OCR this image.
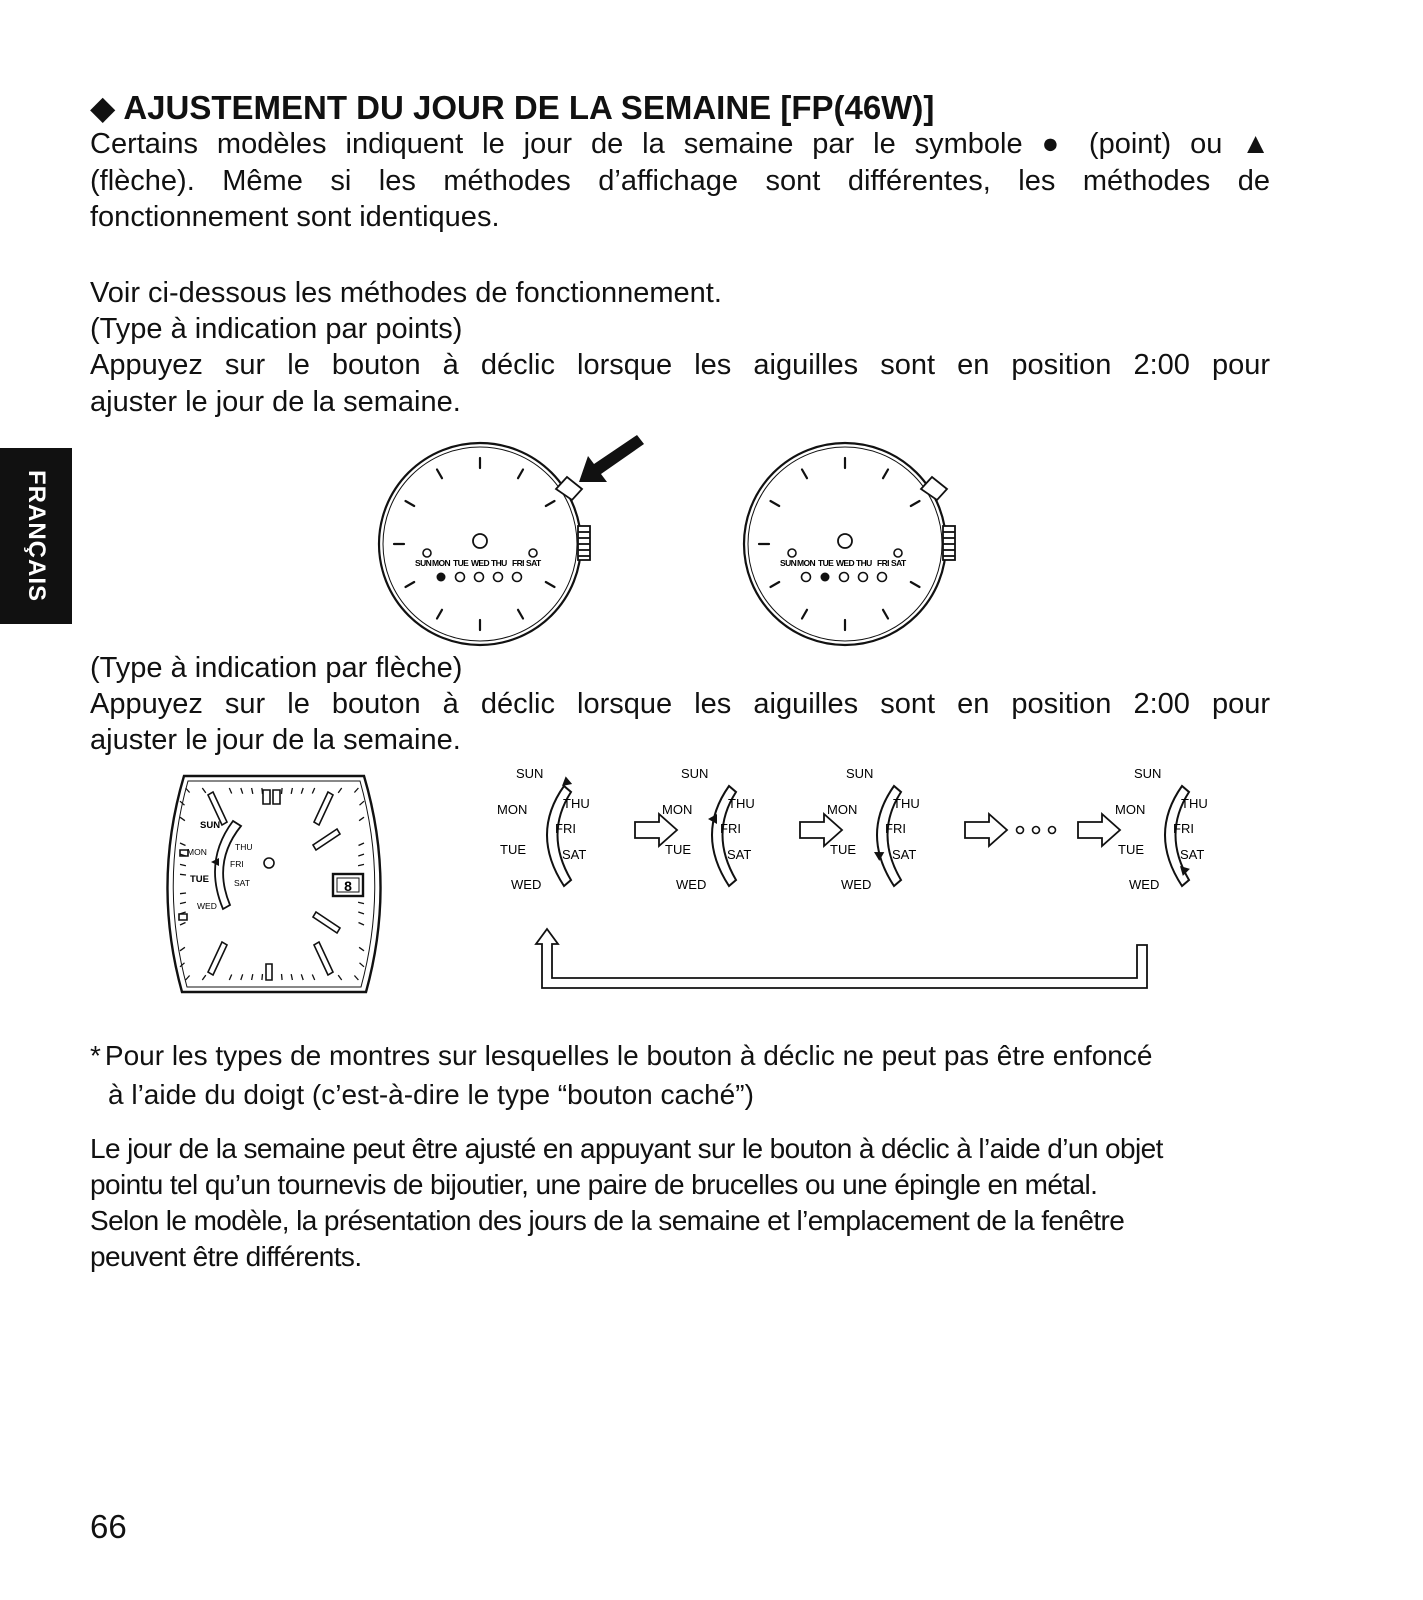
FRANÇAIS
◆ AJUSTEMENT DU JOUR DE LA SEMAINE [FP(46W)]

Certains modèles indiquent le jour de la semaine par le symbole ● (point) ou ▲

(flèche). Même si les méthodes d’affichage sont différentes, les méthodes de

fonctionnement sont identiques.

Voir ci-dessous les méthodes de fonctionnement.

(Type à indication par points)

Appuyez sur le bouton à déclic lorsque les aiguilles sont en position 2:00 pour

ajuster le jour de la semaine.

SUN MON TUE WED THU FRI SAT	SUN MON TUE WED THU FRI SAT

(Type à indication par flèche)

Appuyez sur le bouton à déclic lorsque les aiguilles sont en position 2:00 pour

ajuster le jour de la semaine.

8
SUN
MON
TUE
WED
THU
FRI
SAT
SUN
MON
TUE
WED
THU
FRI
SAT
SUN
MON
TUE
WED
THU
FRI
SAT
SUN
MON
TUE
WED
THU
FRI
SAT
SUN
MON
TUE
WED
THU
FRI
SAT

* Pour les types de montres sur lesquelles le bouton à déclic ne peut pas être enfoncé

à l’aide du doigt (c’est-à-dire le type “bouton caché”)

Le jour de la semaine peut être ajusté en appuyant sur le bouton à déclic à l’aide d’un objet

pointu tel qu’un tournevis de bijoutier, une paire de brucelles ou une épingle en métal.

Selon le modèle, la présentation des jours de la semaine et l’emplacement de la fenêtre

peuvent être différents.

66
